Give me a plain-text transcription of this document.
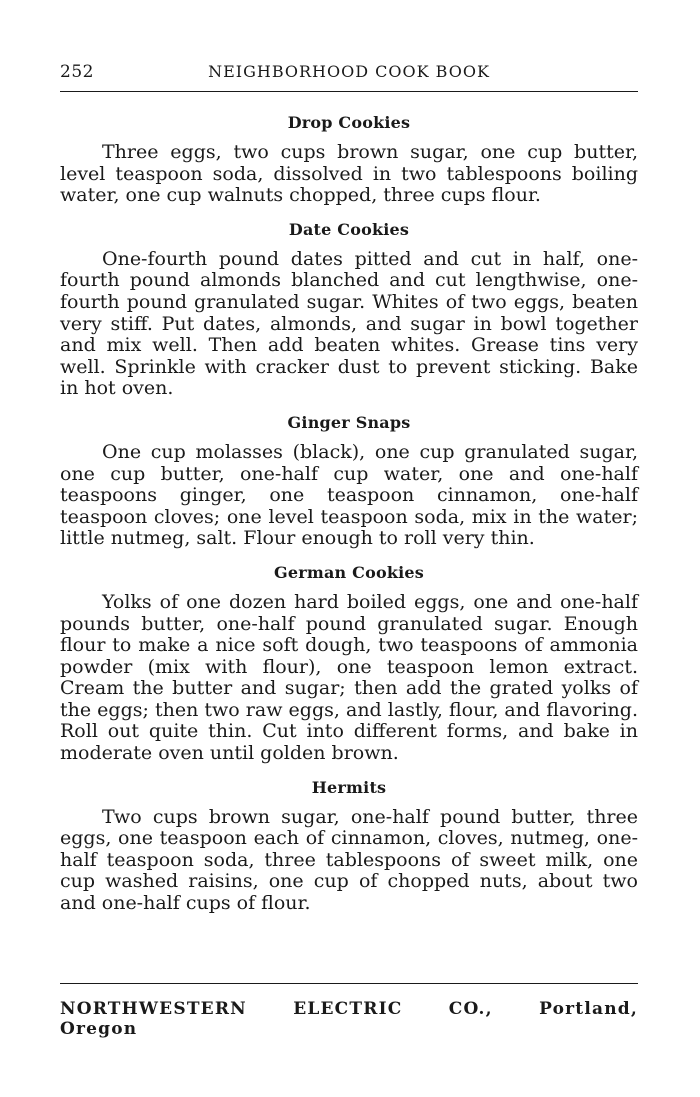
252	NEIGHBORHOOD COOK BOOK
Drop Cookies

Three eggs, two cups brown sugar, one cup butter, level teaspoon soda, dissolved in two tablespoons boiling water, one cup walnuts chopped, three cups flour.

Date Cookies

One-fourth pound dates pitted and cut in half, one-fourth pound almonds blanched and cut lengthwise, one-fourth pound granulated sugar. Whites of two eggs, beaten very stiff. Put dates, almonds, and sugar in bowl together and mix well. Then add beaten whites. Grease tins very well. Sprinkle with cracker dust to prevent sticking. Bake in hot oven.

Ginger Snaps

One cup molasses (black), one cup granulated sugar, one cup butter, one-half cup water, one and one-half teaspoons ginger, one teaspoon cinnamon, one-half teaspoon cloves; one level teaspoon soda, mix in the water; little nutmeg, salt. Flour enough to roll very thin.

German Cookies

Yolks of one dozen hard boiled eggs, one and one-half pounds butter, one-half pound granulated sugar. Enough flour to make a nice soft dough, two teaspoons of ammonia powder (mix with flour), one teaspoon lemon extract. Cream the butter and sugar; then add the grated yolks of the eggs; then two raw eggs, and lastly, flour, and flavoring. Roll out quite thin. Cut into different forms, and bake in moderate oven until golden brown.

Hermits

Two cups brown sugar, one-half pound butter, three eggs, one teaspoon each of cinnamon, cloves, nutmeg, one-half teaspoon soda, three tablespoons of sweet milk, one cup washed raisins, one cup of chopped nuts, about two and one-half cups of flour.

NORTHWESTERN ELECTRIC CO., Portland, Oregon
